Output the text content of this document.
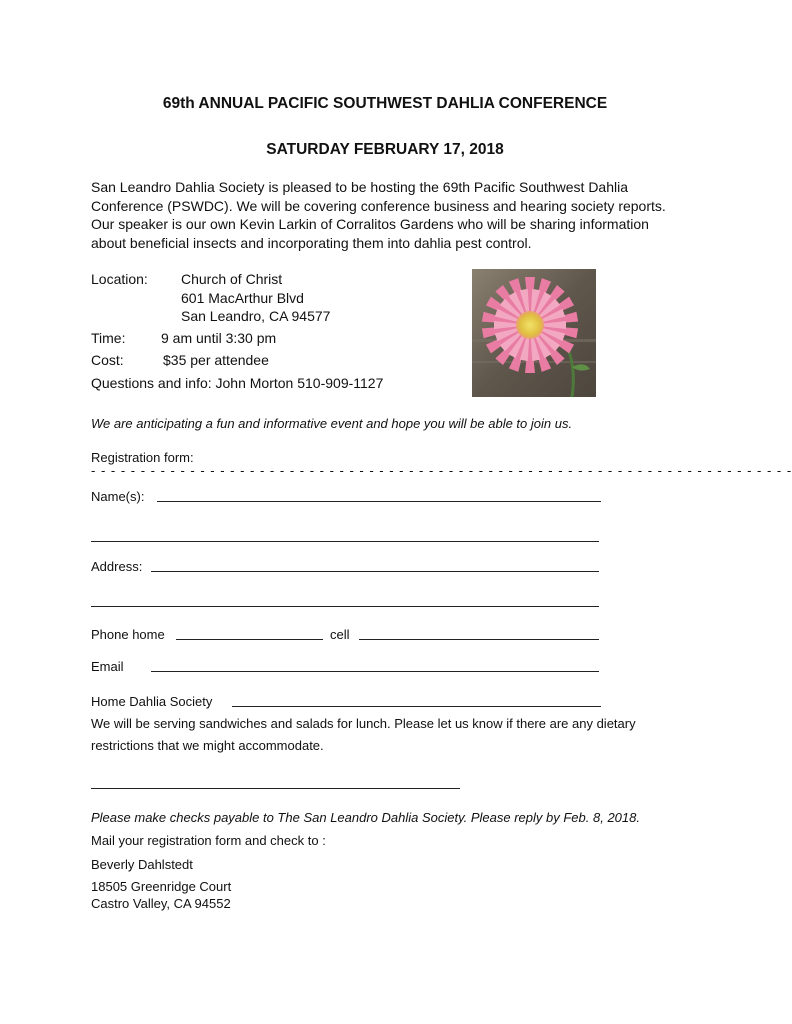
69th ANNUAL PACIFIC SOUTHWEST DAHLIA CONFERENCE
SATURDAY FEBRUARY 17, 2018

San Leandro Dahlia Society is pleased to be hosting the 69th Pacific Southwest Dahlia Conference (PSWDC). We will be covering conference business and hearing society reports. Our speaker is our own Kevin Larkin of Corralitos Gardens who will be sharing information about beneficial insects and incorporating them into dahlia pest control.

Location: Church of Christ
601 MacArthur Blvd
San Leandro, CA 94577
Time:	9 am until 3:30 pm
Cost:	$35 per attendee
Questions and info: John Morton 510-909-1127
We are anticipating a fun and informative event and hope you will be able to join us.
Registration form:
- - - - - - - - - - - - - - - - - - - - - - - - - - - - - - - - - - - - - - - - - - - - - - - - - - - - - - - - - - - - - - - - - - - - - - -
Name(s):
Address:
Phone home	cell
Email
Home Dahlia Society
We will be serving sandwiches and salads for lunch. Please let us know if there are any dietary
restrictions that we might accommodate.
Please make checks payable to The San Leandro Dahlia Society. Please reply by Feb. 8, 2018.
Mail your registration form and check to :
Beverly Dahlstedt
18505 Greenridge Court
Castro Valley, CA 94552
